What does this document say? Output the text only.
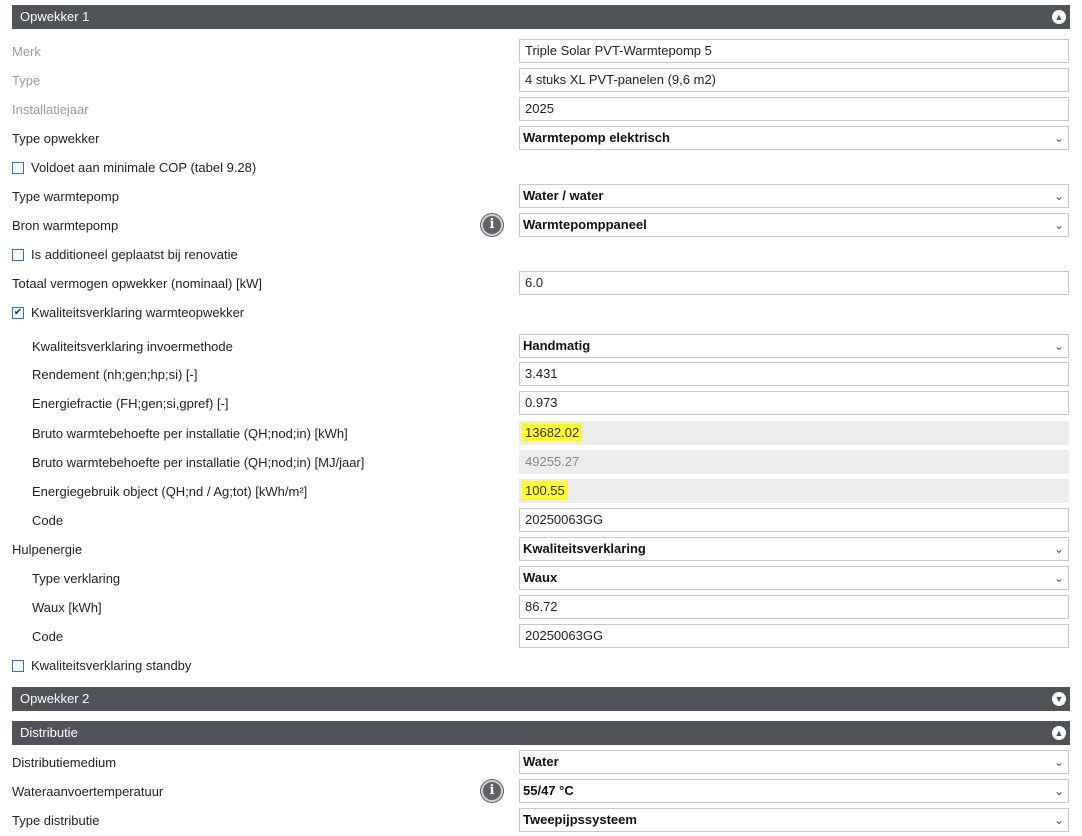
Opwekker 1	▲
Merk	Triple Solar PVT-Warmtepomp 5
Type	4 stuks XL PVT-panelen (9,6 m2)
Installatiejaar	2025
Type opwekker	Warmtepomp elektrisch	⌄
Voldoet aan minimale COP (tabel 9.28)
Type warmtepomp	Water / water	⌄
Bron warmtepomp i	Warmtepomppaneel	⌄
Is additioneel geplaatst bij renovatie
Totaal vermogen opwekker (nominaal) [kW]	6.0
✔ Kwaliteitsverklaring warmteopwekker
Kwaliteitsverklaring invoermethode	Handmatig	⌄
Rendement (nh;gen;hp;si) [-]	3.431
Energiefractie (FH;gen;si,gpref) [-]	0.973
Bruto warmtebehoefte per installatie (QH;nod;in) [kWh]	13682.02
Bruto warmtebehoefte per installatie (QH;nod;in) [MJ/jaar]	49255.27
Energiegebruik object (QH;nd / Ag;tot) [kWh/m²]	100.55
Code	20250063GG
Hulpenergie	Kwaliteitsverklaring	⌄
Type verklaring	Waux	⌄
Waux [kWh]	86.72
Code	20250063GG
Kwaliteitsverklaring standby
Opwekker 2	▼
Distributie	▲
Distributiemedium	Water	⌄
Wateraanvoertemperatuur i	55/47 °C	⌄
Type distributie	Tweepijpssysteem	⌄
